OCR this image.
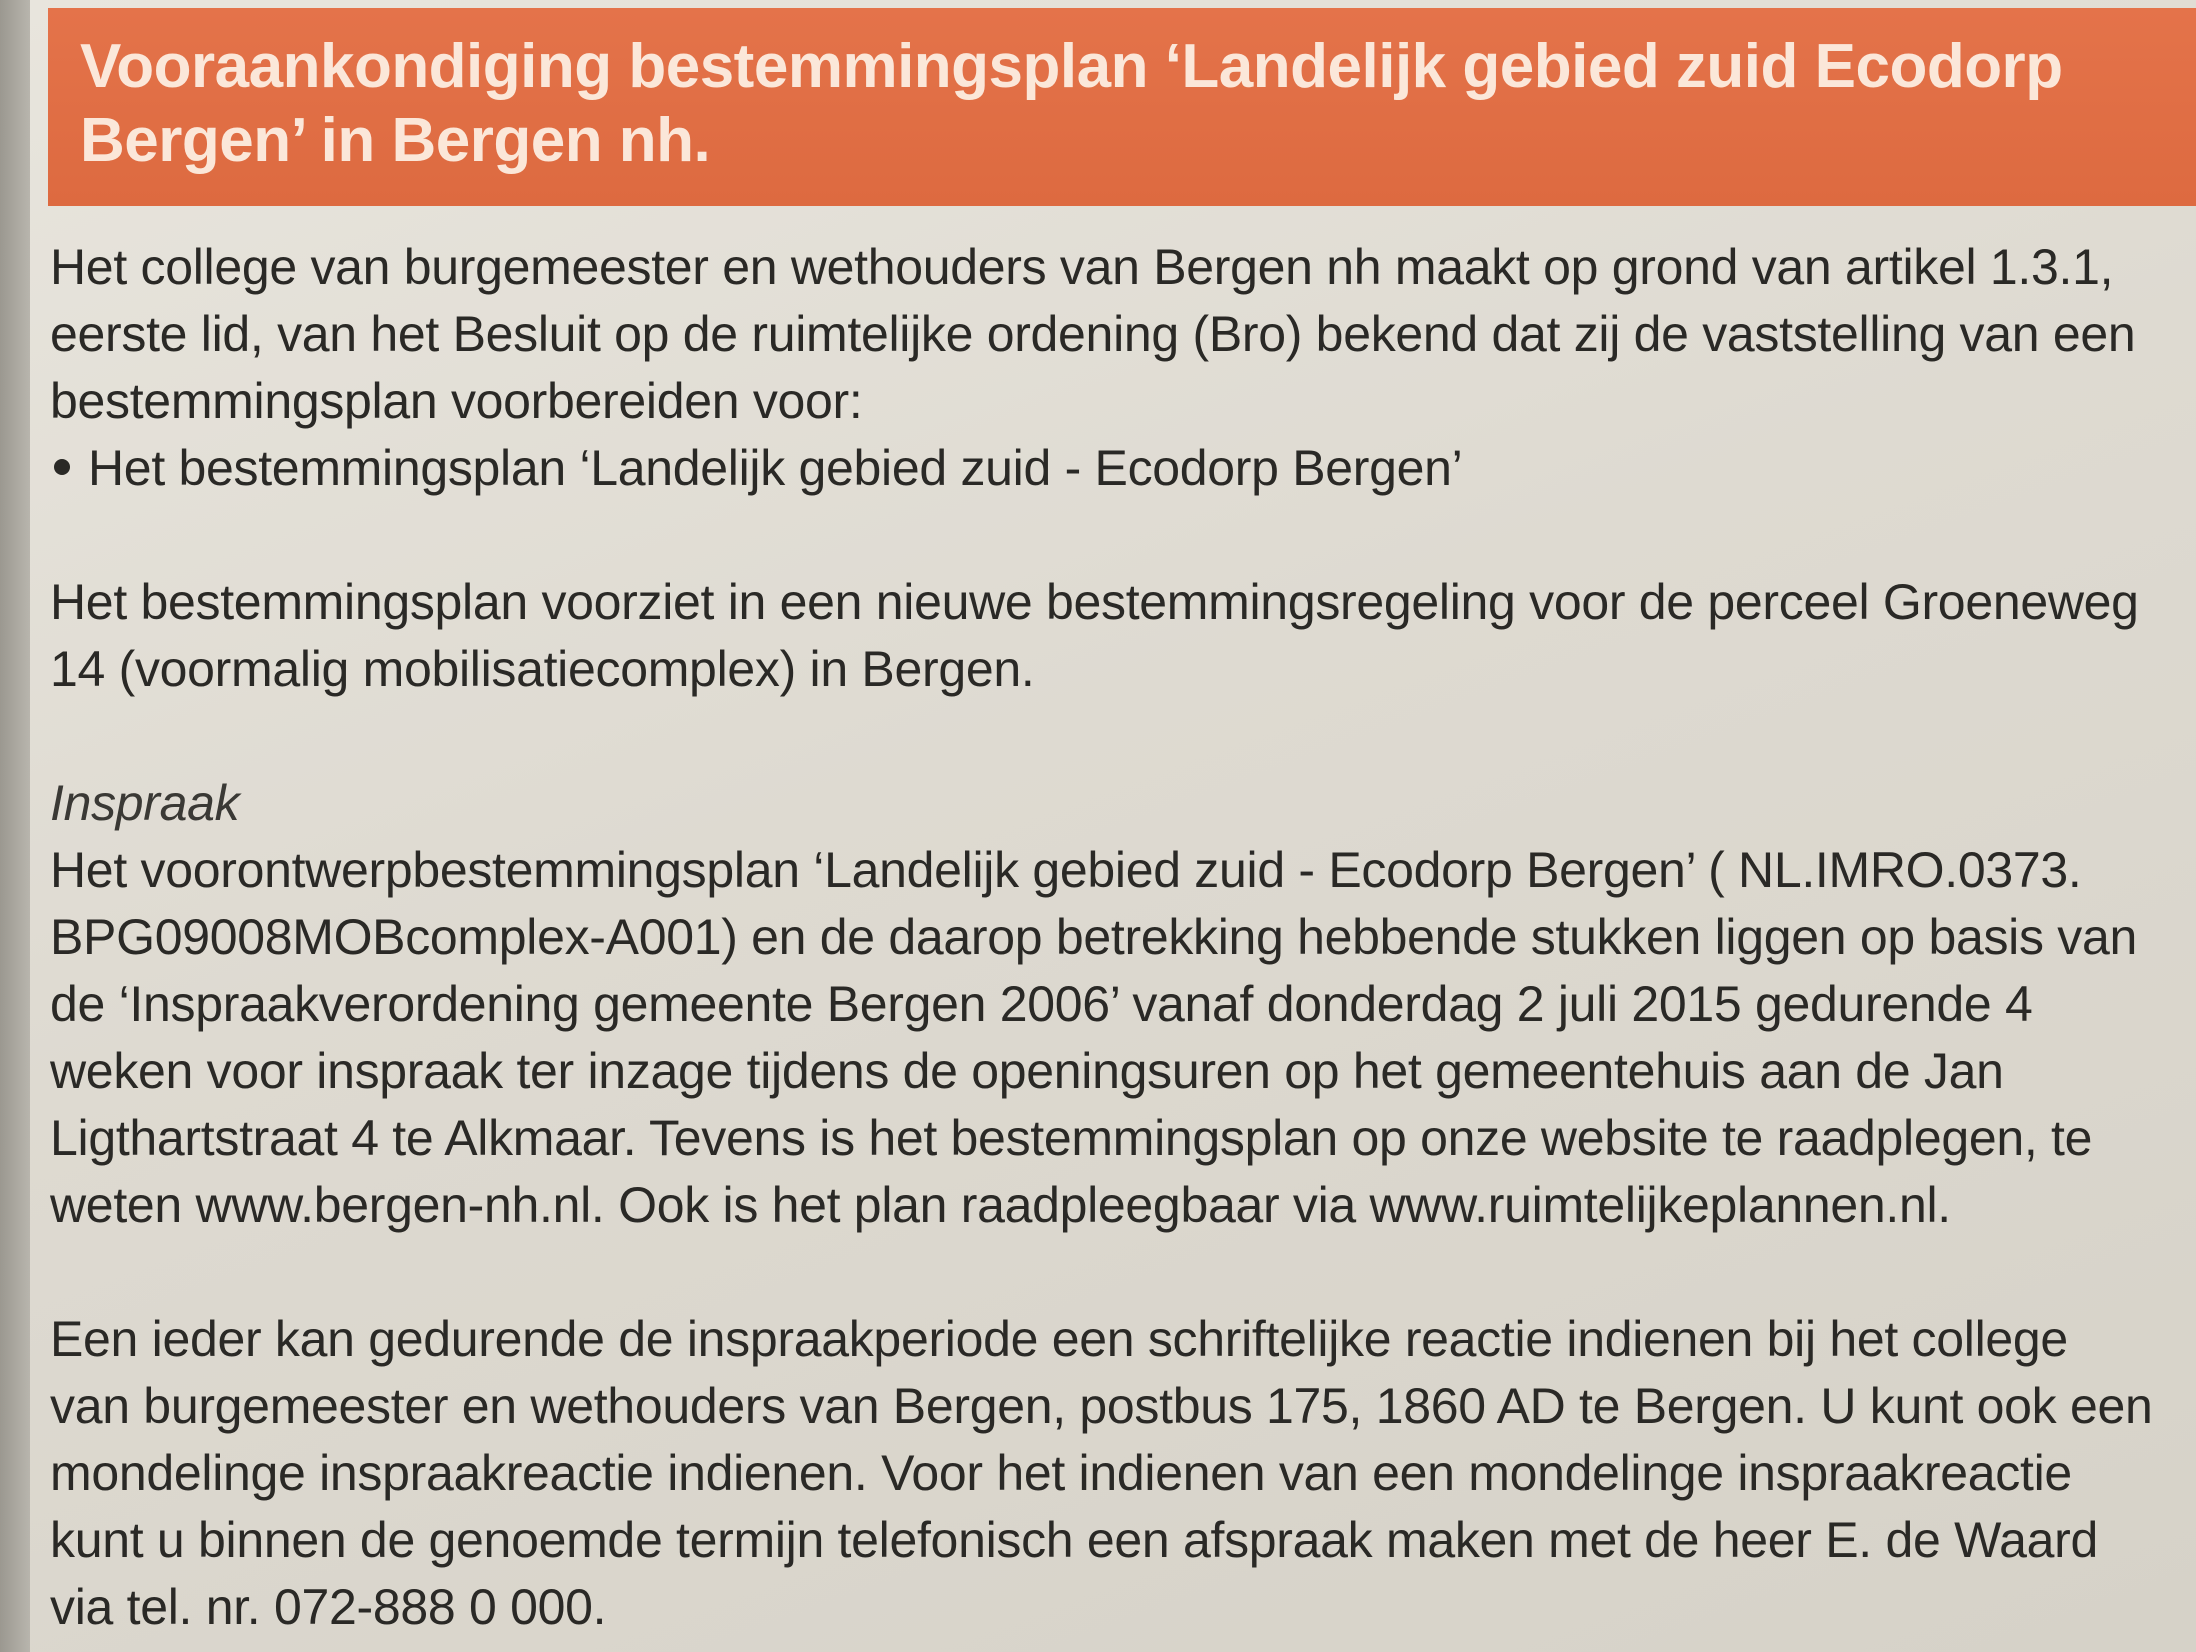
Vooraankondiging bestemmingsplan ‘Landelijk gebied zuid Ecodorp Bergen’ in Bergen nh.

Het college van burgemeester en wethouders van Bergen nh maakt op grond van artikel 1.3.1, eerste lid, van het Besluit op de ruimtelijke ordening (Bro) bekend dat zij de vaststelling van een bestemmingsplan voorbereiden voor:

Het bestemmingsplan ‘Landelijk gebied zuid - Ecodorp Bergen’

Het bestemmingsplan voorziet in een nieuwe bestemmingsregeling voor de perceel Groeneweg 14 (voormalig mobilisatiecomplex) in Bergen.

Inspraak

Het voorontwerpbestemmingsplan ‘Landelijk gebied zuid - Ecodorp Bergen’ ( NL.IMRO.0373. BPG09008MOBcomplex-A001) en de daarop betrekking hebbende stukken liggen op basis van de ‘Inspraakverordening gemeente Bergen 2006’ vanaf donderdag 2 juli 2015 gedurende 4 weken voor inspraak ter inzage tijdens de openingsuren op het gemeentehuis aan de Jan Ligthartstraat 4 te Alkmaar. Tevens is het bestemmingsplan op onze website te raadplegen, te weten www.bergen-nh.nl. Ook is het plan raadpleegbaar via www.ruimtelijkeplannen.nl.

Een ieder kan gedurende de inspraakperiode een schriftelijke reactie indienen bij het college van burgemeester en wethouders van Bergen, postbus 175, 1860 AD te Bergen. U kunt ook een mondelinge inspraakreactie indienen. Voor het indienen van een mondelinge inspraakreactie kunt u binnen de genoemde termijn telefonisch een afspraak maken met de heer E. de Waard via tel. nr. 072-888 0 000.
